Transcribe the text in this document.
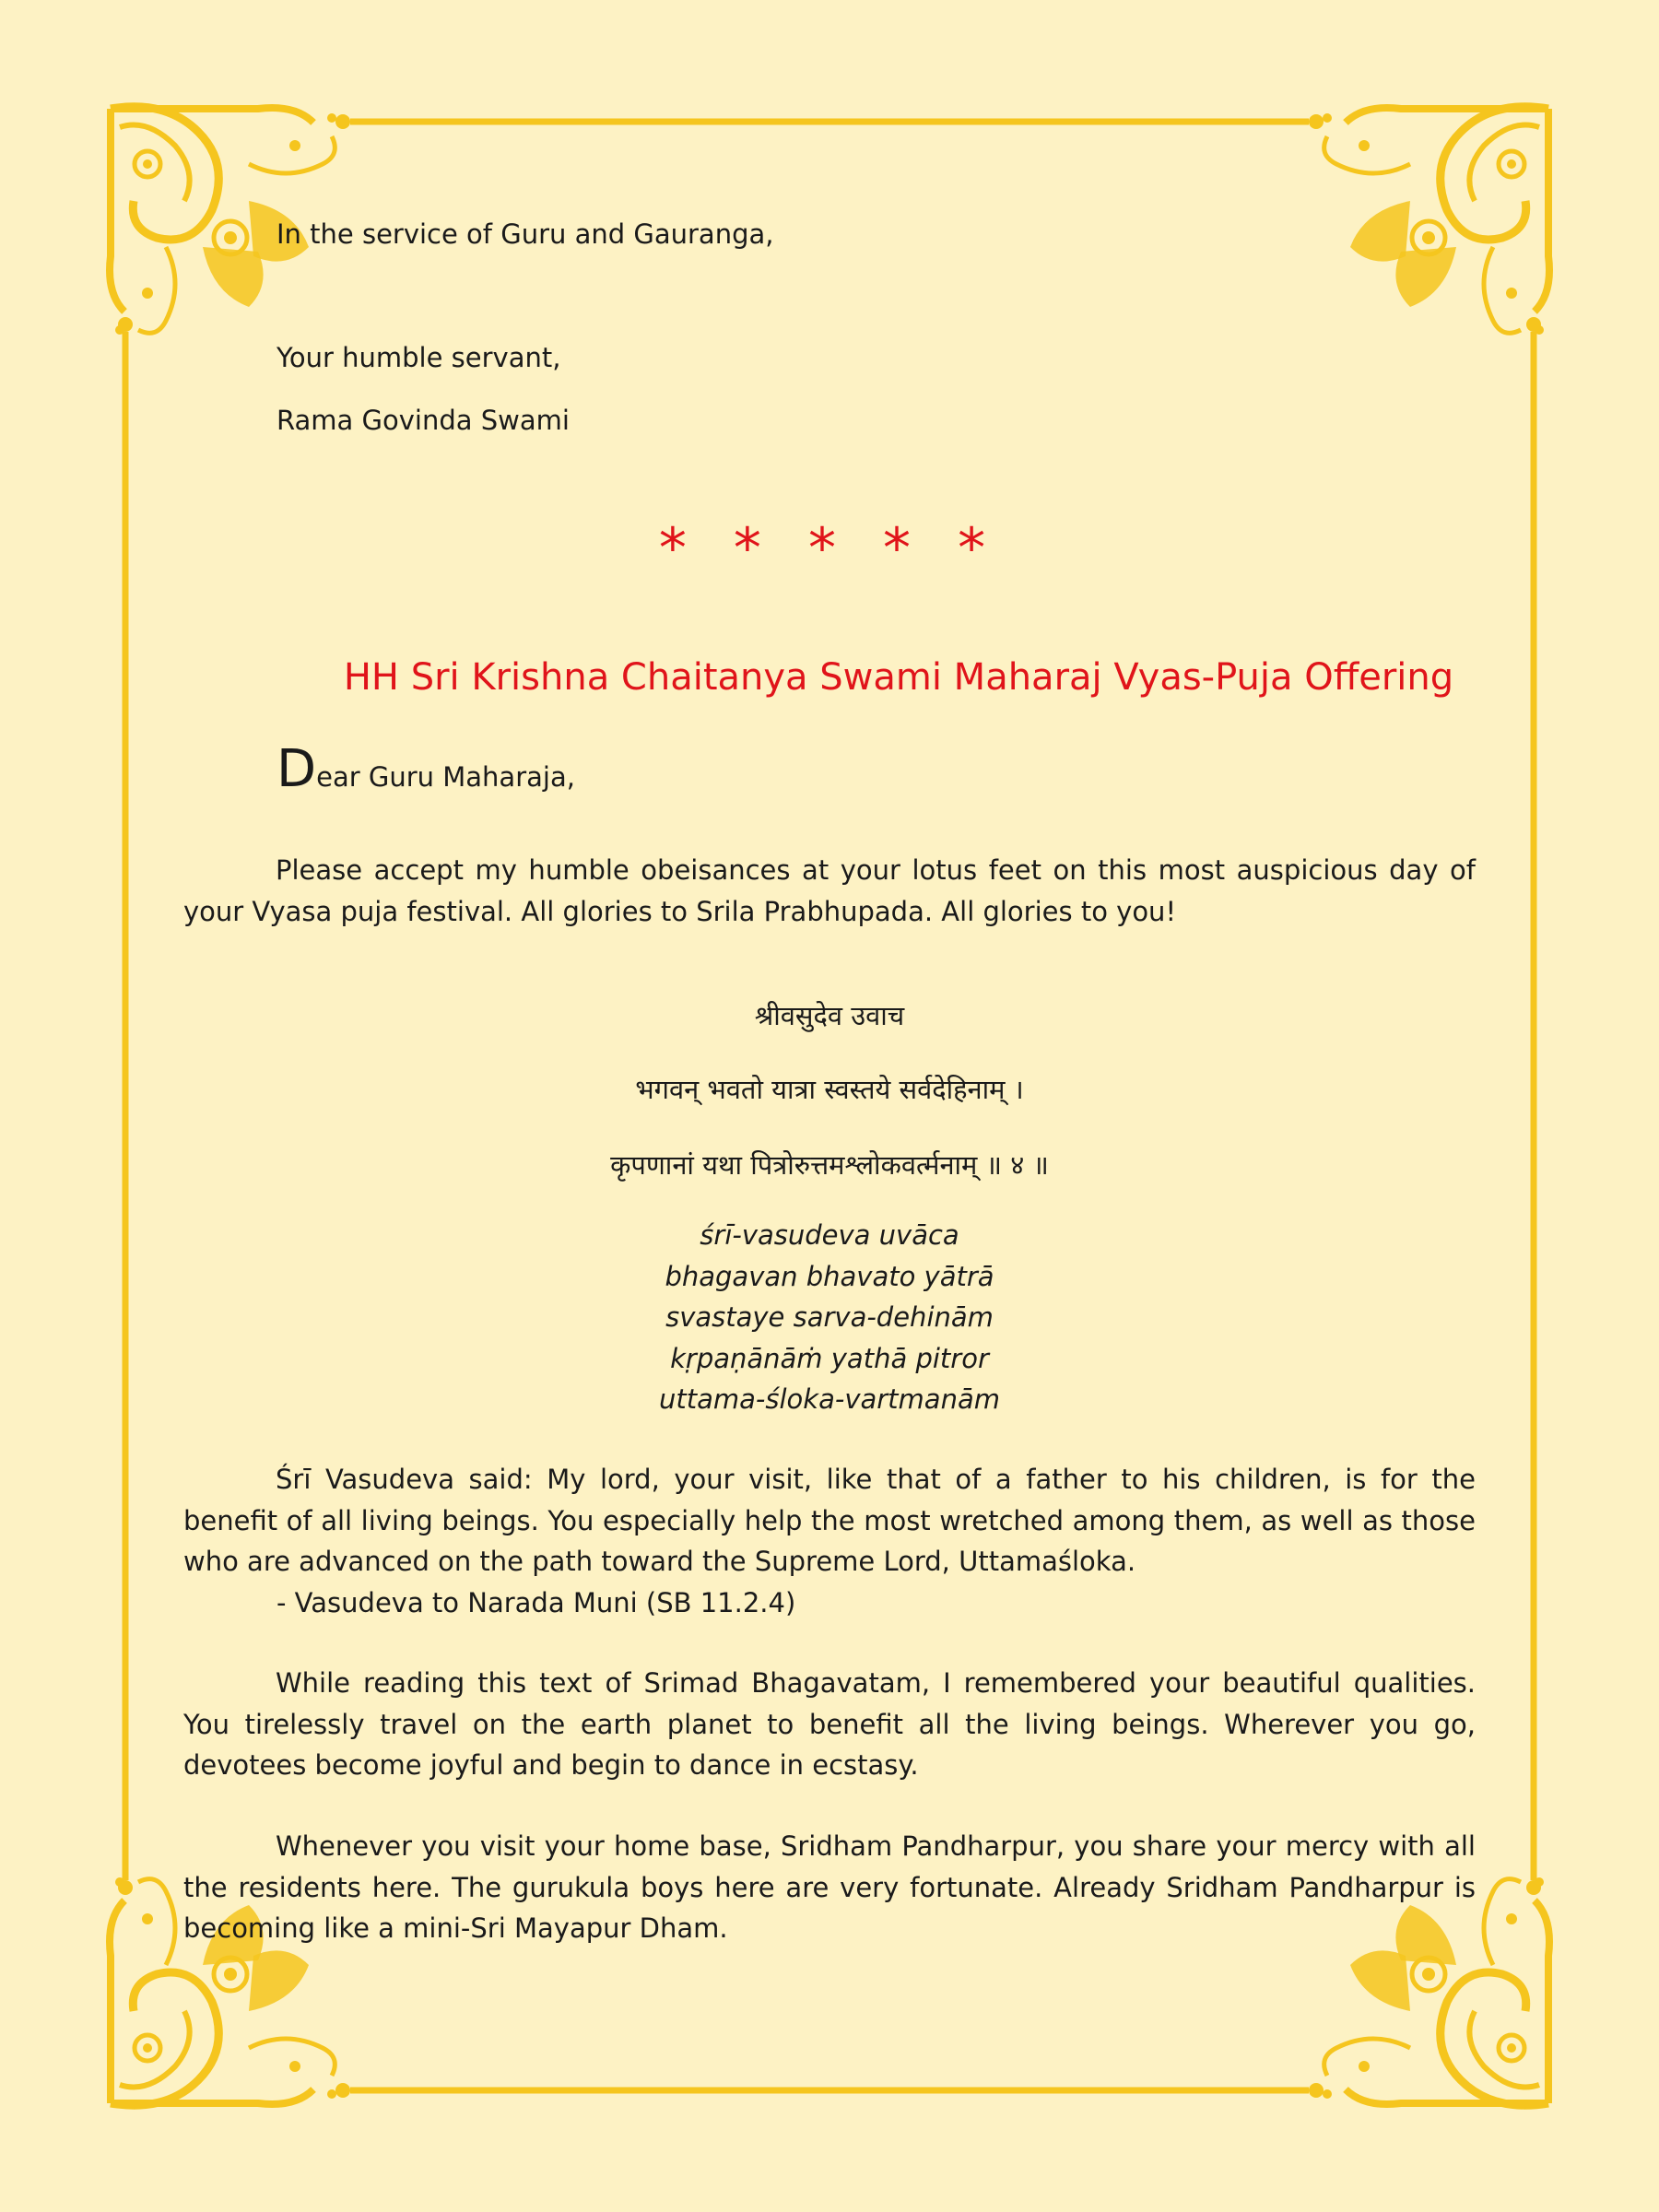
In the service of Guru and Gauranga,

Your humble servant,

Rama Govinda Swami

* * * * *
HH Sri Krishna Chaitanya Swami Maharaj Vyas-Puja Offering
Dear Guru Maharaja,

Please accept my humble obeisances at your lotus feet on this most auspicious day of your Vyasa puja festival. All glories to Srila Prabhupada. All glories to you!

श्रीवसुदेव उवाच
भगवन् भवतो यात्रा स्वस्तये सर्वदेहिनाम् ।
कृपणानां यथा पित्रोरुत्तमश्लोकवर्त्मनाम् ॥ ४ ॥
śrī-vasudeva uvāca
bhagavan bhavato yātrā
svastaye sarva-dehinām
kṛpaṇānāṁ yathā pitror
uttama-śloka-vartmanām

Śrī Vasudeva said: My lord, your visit, like that of a father to his children, is for the benefit of all living beings. You especially help the most wretched among them, as well as those who are advanced on the path toward the Supreme Lord, Uttamaśloka.

- Vasudeva to Narada Muni (SB 11.2.4)

While reading this text of Srimad Bhagavatam, I remembered your beautiful qualities. You tirelessly travel on the earth planet to benefit all the living beings. Wherever you go, devotees become joyful and begin to dance in ecstasy.

Whenever you visit your home base, Sridham Pandharpur, you share your mercy with all the residents here. The gurukula boys here are very fortunate. Already Sridham Pandharpur is becoming like a mini-Sri Mayapur Dham.
